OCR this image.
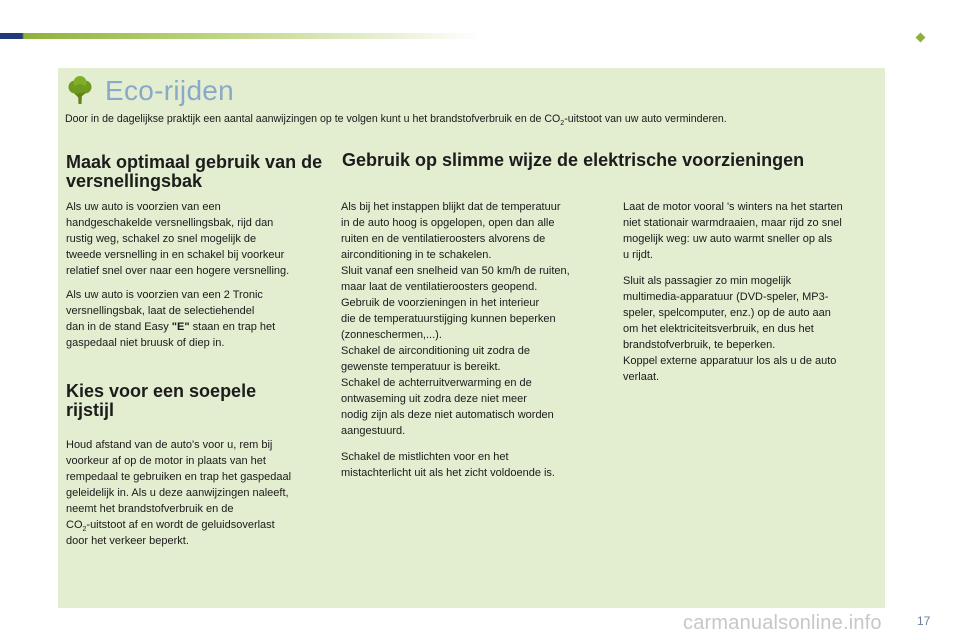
Eco-rijden
Door in de dagelijkse praktijk een aantal aanwijzingen op te volgen kunt u het brandstofverbruik en de $CO_2$-uitstoot van uw auto verminderen.
Maak optimaal gebruik van de versnellingsbak

Als uw auto is voorzien van een
handgeschakelde versnellingsbak, rijd dan
rustig weg, schakel zo snel mogelijk de
tweede versnelling in en schakel bij voorkeur
relatief snel over naar een hogere versnelling.

Als uw auto is voorzien van een 2 Tronic
versnellingsbak, laat de selectiehendel
dan in de stand Easy "E" staan en trap het
gaspedaal niet bruusk of diep in.

Kies voor een soepele rijstijl

Houd afstand van de auto's voor u, rem bij
voorkeur af op de motor in plaats van het
rempedaal te gebruiken en trap het gaspedaal
geleidelijk in. Als u deze aanwijzingen naleeft,
neemt het brandstofverbruik en de
$CO_2$-uitstoot af en wordt de geluidsoverlast
door het verkeer beperkt.

Gebruik op slimme wijze de elektrische voorzieningen

Als bij het instappen blijkt dat de temperatuur
in de auto hoog is opgelopen, open dan alle
ruiten en de ventilatieroosters alvorens de
airconditioning in te schakelen.
Sluit vanaf een snelheid van 50 km/h de ruiten,
maar laat de ventilatieroosters geopend.
Gebruik de voorzieningen in het interieur
die de temperatuurstijging kunnen beperken
(zonneschermen,...).
Schakel de airconditioning uit zodra de
gewenste temperatuur is bereikt.
Schakel de achterruitverwarming en de
ontwaseming uit zodra deze niet meer
nodig zijn als deze niet automatisch worden
aangestuurd.

Schakel de mistlichten voor en het
mistachterlicht uit als het zicht voldoende is.

Laat de motor vooral 's winters na het starten
niet stationair warmdraaien, maar rijd zo snel
mogelijk weg: uw auto warmt sneller op als
u rijdt.

Sluit als passagier zo min mogelijk
multimedia-apparatuur (DVD-speler, MP3-
speler, spelcomputer, enz.) op de auto aan
om het elektriciteitsverbruik, en dus het
brandstofverbruik, te beperken.
Koppel externe apparatuur los als u de auto
verlaat.

carmanualsonline.info	17
